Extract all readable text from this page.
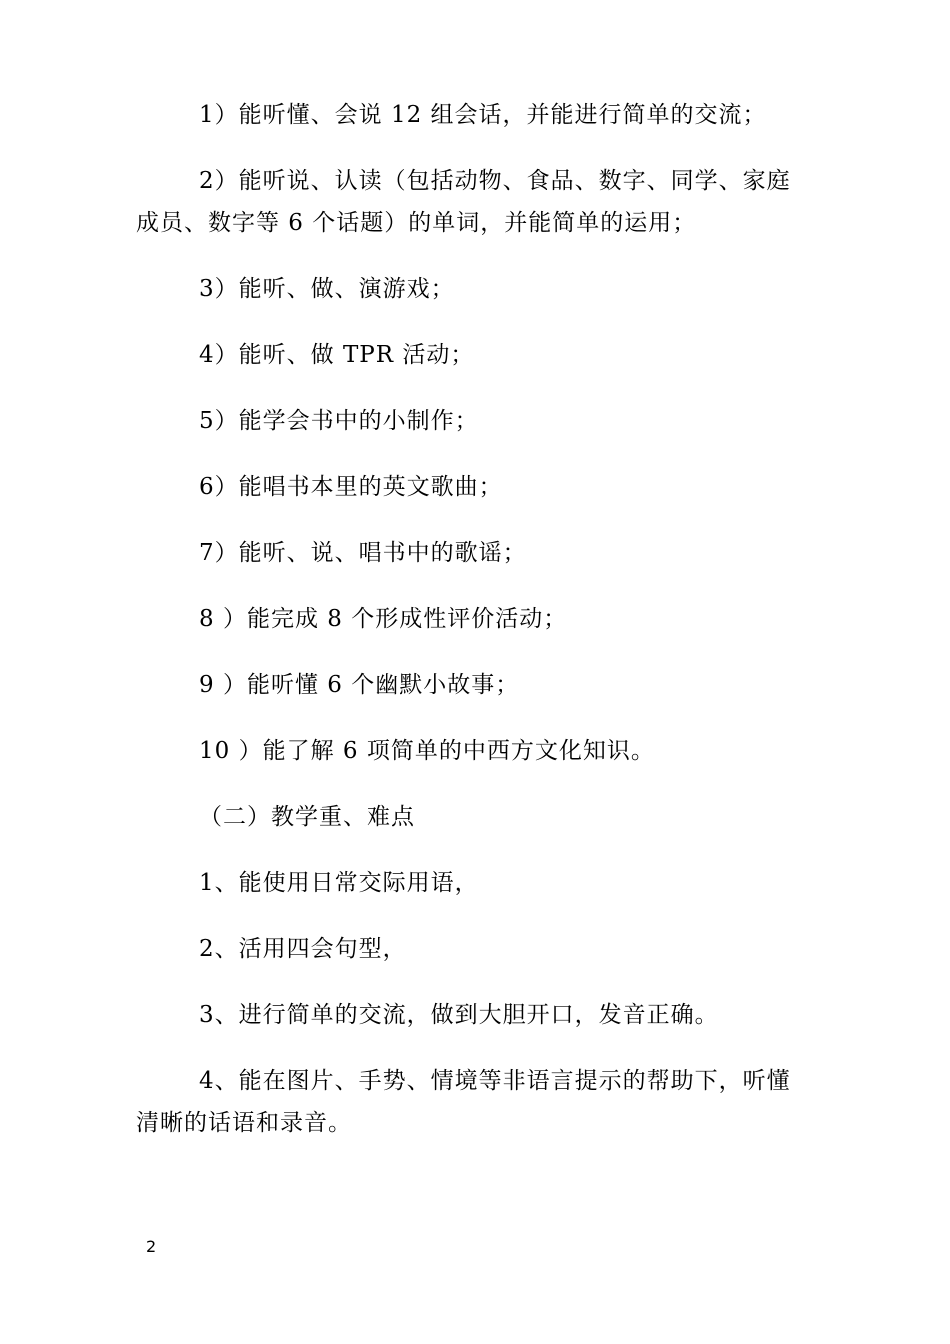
1）能听懂、会说 12 组会话，并能进行简单的交流；

2）能听说、认读（包括动物、食品、数字、同学、家庭成员、数字等 6 个话题）的单词，并能简单的运用；

3）能听、做、演游戏；

4）能听、做 TPR 活动；

5）能学会书中的小制作；

6）能唱书本里的英文歌曲；

7）能听、说、唱书中的歌谣；

8 ）能完成 8 个形成性评价活动；

9 ）能听懂 6 个幽默小故事；

10 ）能了解 6 项简单的中西方文化知识。

（二）教学重、难点

1、能使用日常交际用语，

2、活用四会句型，

3、进行简单的交流，做到大胆开口，发音正确。

4、能在图片、手势、情境等非语言提示的帮助下，听懂清晰的话语和录音。

2
